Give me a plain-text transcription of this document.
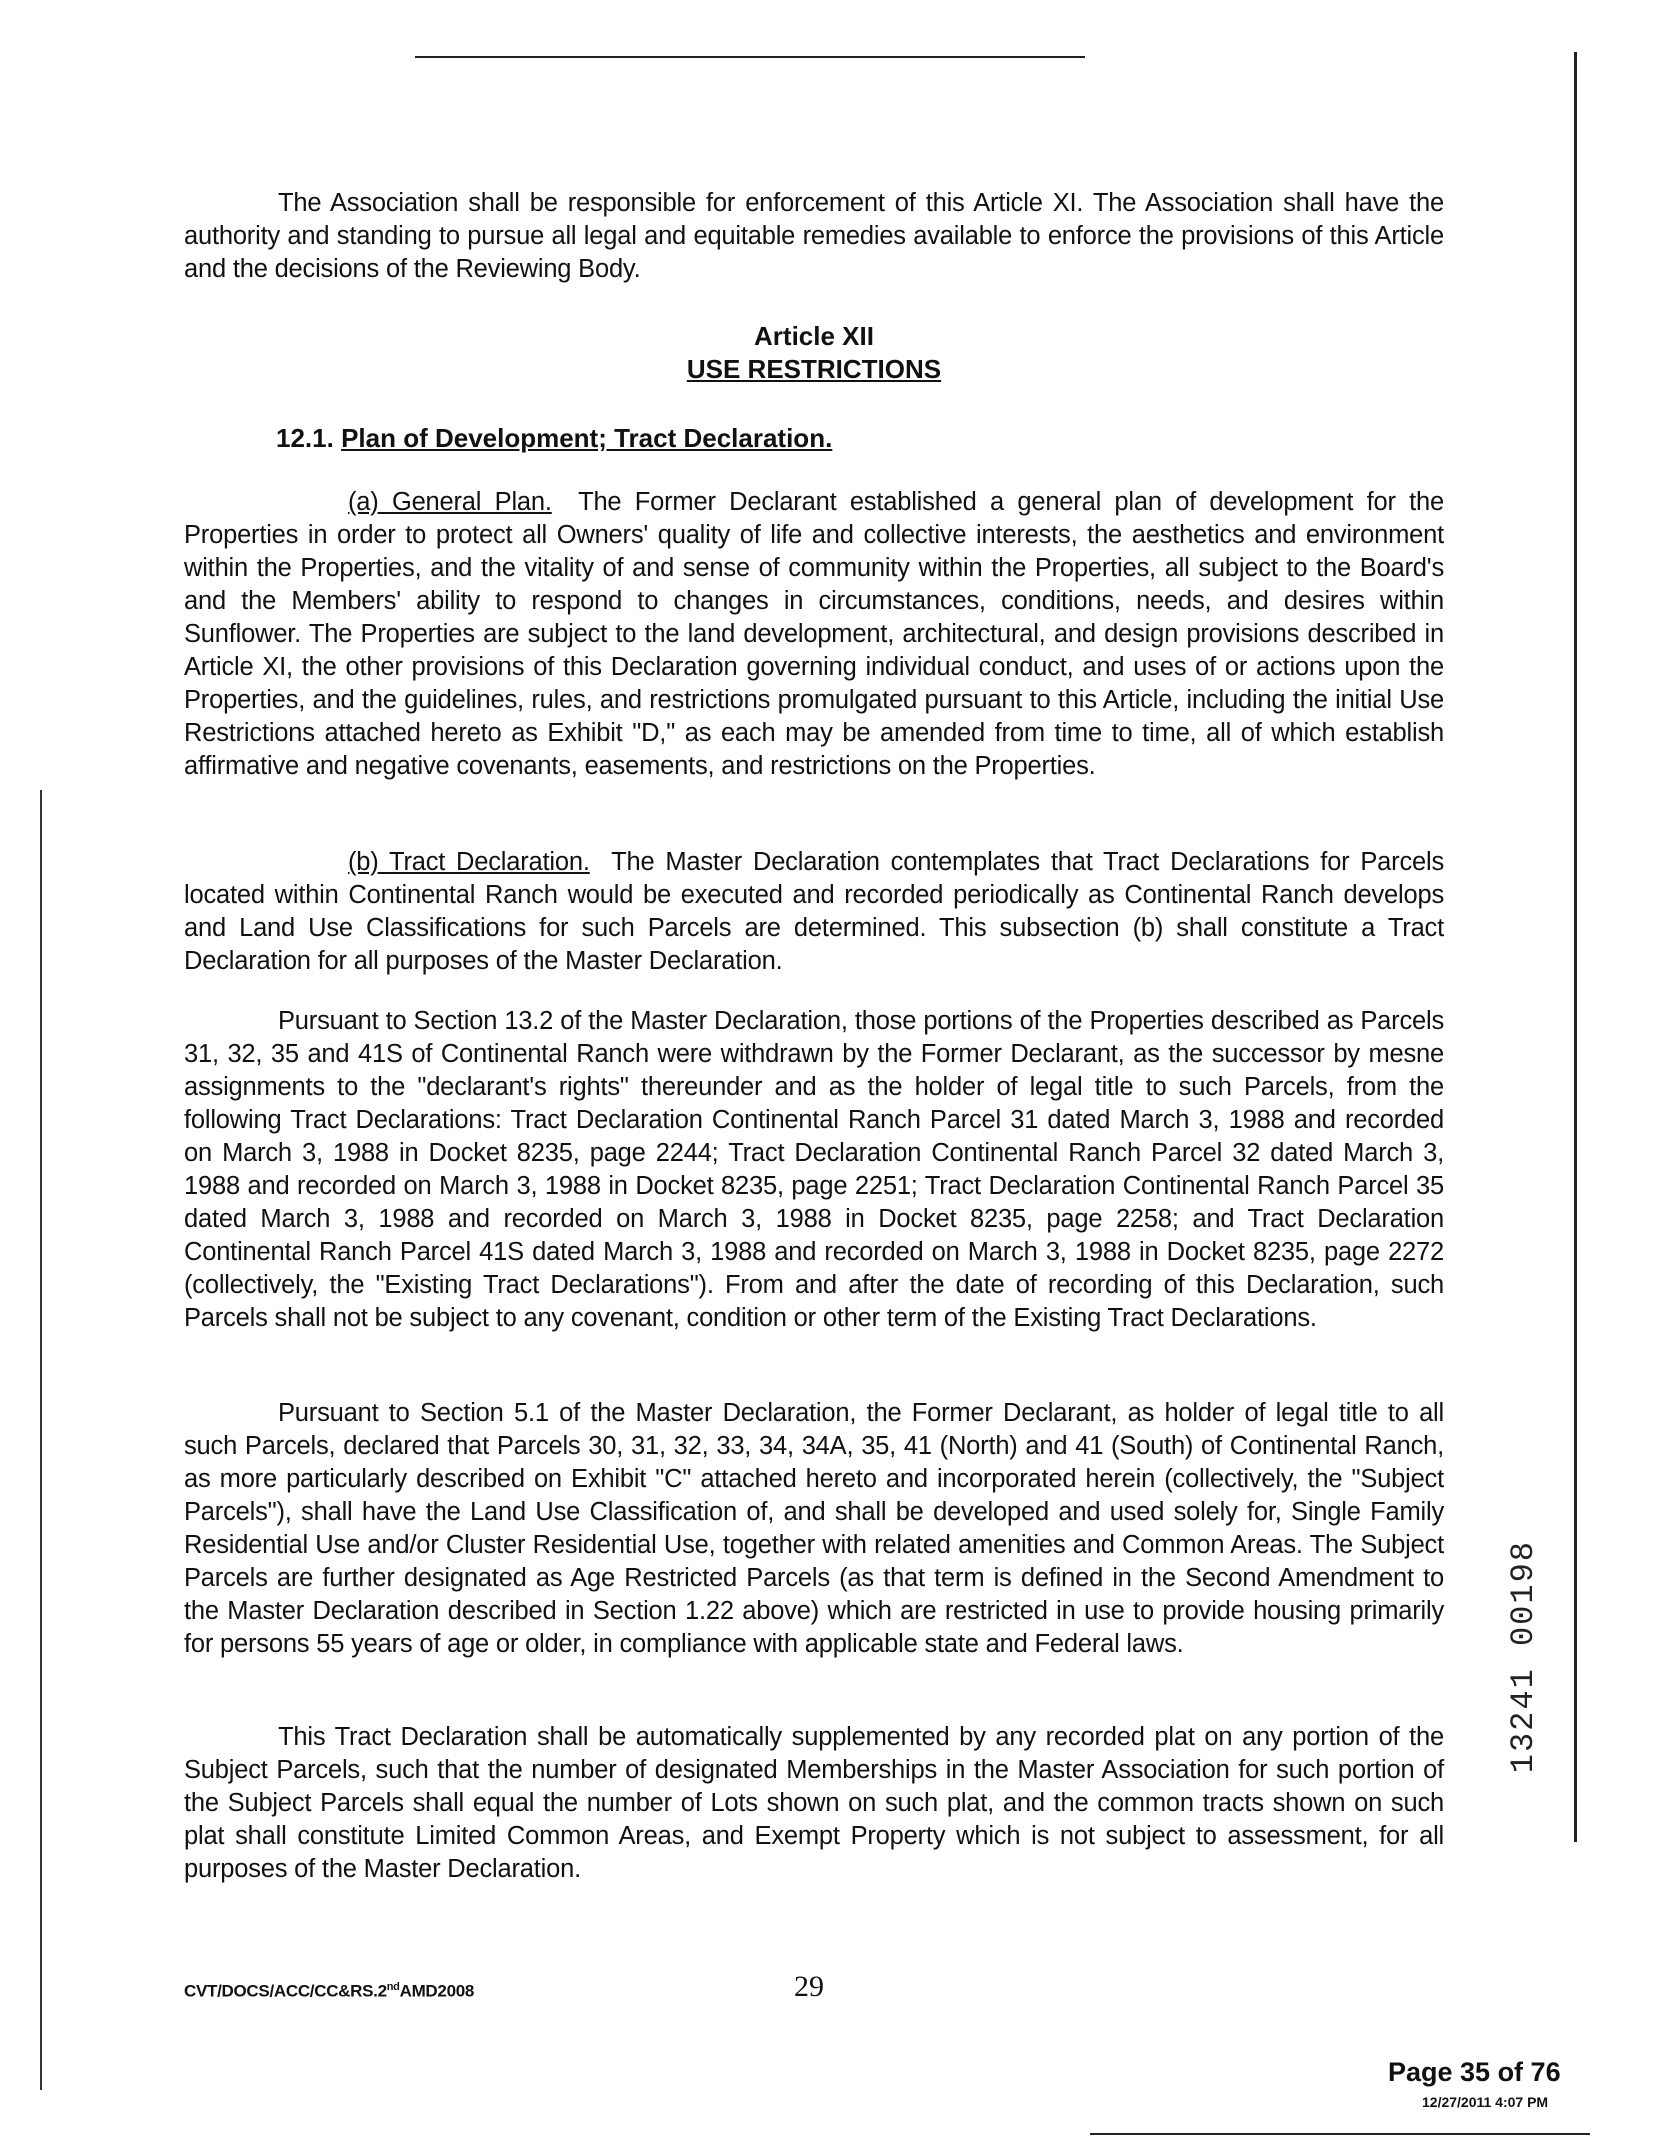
The Association shall be responsible for enforcement of this Article XI. The Association shall have the authority and standing to pursue all legal and equitable remedies available to enforce the provisions of this Article and the decisions of the Reviewing Body.

Article XII
USE RESTRICTIONS
12.1. Plan of Development; Tract Declaration.

(a) General Plan. The Former Declarant established a general plan of development for the Properties in order to protect all Owners' quality of life and collective interests, the aesthetics and environment within the Properties, and the vitality of and sense of community within the Properties, all subject to the Board's and the Members' ability to respond to changes in circumstances, conditions, needs, and desires within Sunflower. The Properties are subject to the land development, architectural, and design provisions described in Article XI, the other provisions of this Declaration governing individual conduct, and uses of or actions upon the Properties, and the guidelines, rules, and restrictions promulgated pursuant to this Article, including the initial Use Restrictions attached hereto as Exhibit "D," as each may be amended from time to time, all of which establish affirmative and negative covenants, easements, and restrictions on the Properties.

(b) Tract Declaration. The Master Declaration contemplates that Tract Declarations for Parcels located within Continental Ranch would be executed and recorded periodically as Continental Ranch develops and Land Use Classifications for such Parcels are determined. This subsection (b) shall constitute a Tract Declaration for all purposes of the Master Declaration.

Pursuant to Section 13.2 of the Master Declaration, those portions of the Properties described as Parcels 31, 32, 35 and 41S of Continental Ranch were withdrawn by the Former Declarant, as the successor by mesne assignments to the "declarant's rights" thereunder and as the holder of legal title to such Parcels, from the following Tract Declarations: Tract Declaration Continental Ranch Parcel 31 dated March 3, 1988 and recorded on March 3, 1988 in Docket 8235, page 2244; Tract Declaration Continental Ranch Parcel 32 dated March 3, 1988 and recorded on March 3, 1988 in Docket 8235, page 2251; Tract Declaration Continental Ranch Parcel 35 dated March 3, 1988 and recorded on March 3, 1988 in Docket 8235, page 2258; and Tract Declaration Continental Ranch Parcel 41S dated March 3, 1988 and recorded on March 3, 1988 in Docket 8235, page 2272 (collectively, the "Existing Tract Declarations"). From and after the date of recording of this Declaration, such Parcels shall not be subject to any covenant, condition or other term of the Existing Tract Declarations.

Pursuant to Section 5.1 of the Master Declaration, the Former Declarant, as holder of legal title to all such Parcels, declared that Parcels 30, 31, 32, 33, 34, 34A, 35, 41 (North) and 41 (South) of Continental Ranch, as more particularly described on Exhibit "C" attached hereto and incorporated herein (collectively, the "Subject Parcels"), shall have the Land Use Classification of, and shall be developed and used solely for, Single Family Residential Use and/or Cluster Residential Use, together with related amenities and Common Areas. The Subject Parcels are further designated as Age Restricted Parcels (as that term is defined in the Second Amendment to the Master Declaration described in Section 1.22 above) which are restricted in use to provide housing primarily for persons 55 years of age or older, in compliance with applicable state and Federal laws.

This Tract Declaration shall be automatically supplemented by any recorded plat on any portion of the Subject Parcels, such that the number of designated Memberships in the Master Association for such portion of the Subject Parcels shall equal the number of Lots shown on such plat, and the common tracts shown on such plat shall constitute Limited Common Areas, and Exempt Property which is not subject to assessment, for all purposes of the Master Declaration.

CVT/DOCS/ACC/CC&RS.2ndAMD2008	29
Page 35 of 76
12/27/2011 4:07 PM
13241 00198
